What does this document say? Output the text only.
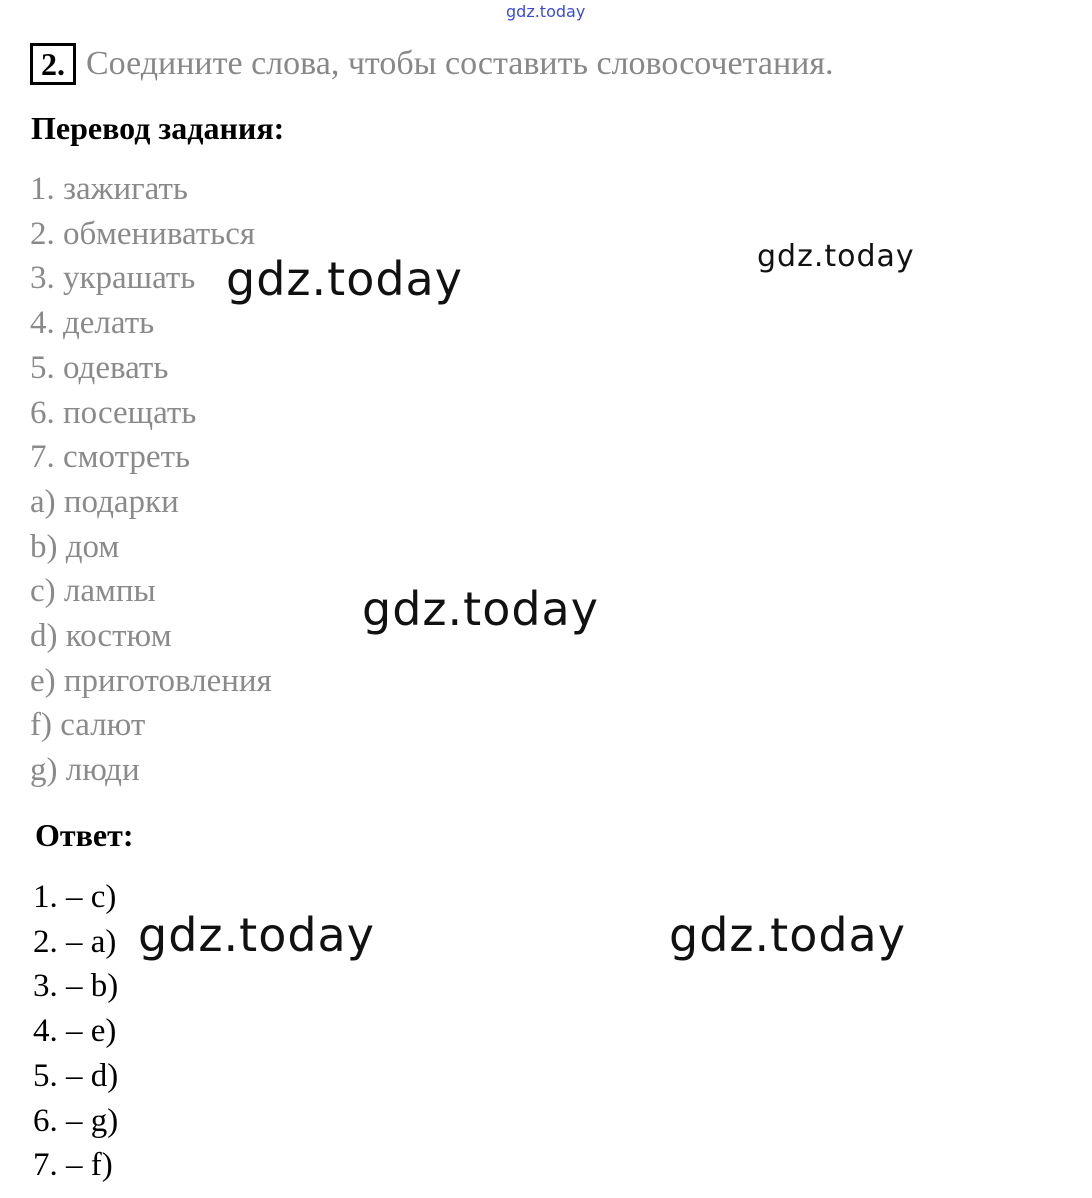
gdz.today
2. Соедините слова, чтобы составить словосочетания.
Перевод задания:
1. зажигать
2. обмениваться
3. украшать
4. делать
5. одевать
6. посещать
7. смотреть
a) подарки
b) дом
c) лампы
d) костюм
e) приготовления
f) салют
g) люди
Ответ:
1. – c)
2. – a)
3. – b)
4. – e)
5. – d)
6. – g)
7. – f)
gdz.today	gdz.today
gdz.today
gdz.today	gdz.today
